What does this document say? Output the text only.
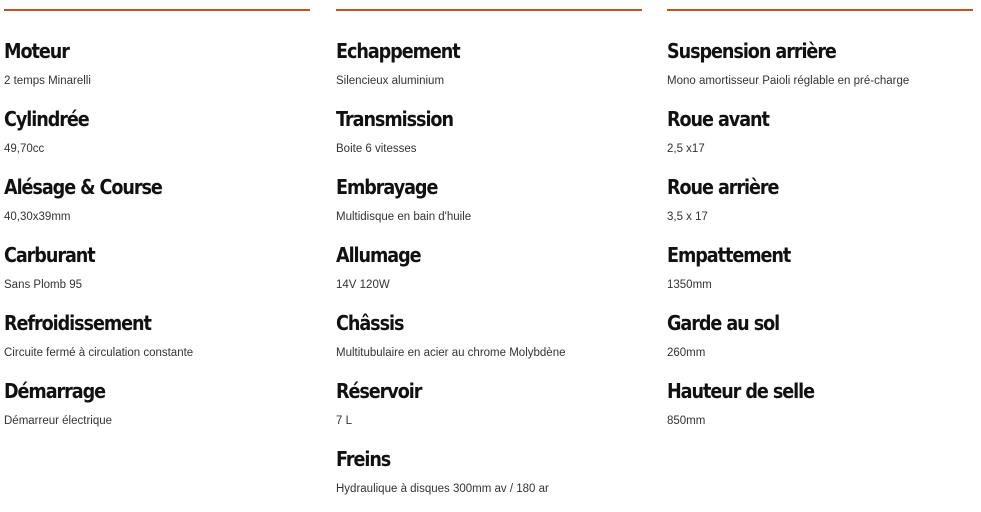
Moteur
2 temps Minarelli
Cylindrée
49,70cc
Alésage & Course
40,30x39mm
Carburant
Sans Plomb 95
Refroidissement
Circuite fermé à circulation constante
Démarrage
Démarreur électrique
Echappement
Silencieux aluminium
Transmission
Boite 6 vitesses
Embrayage
Multidisque en bain d'huile
Allumage
14V 120W
Châssis
Multitubulaire en acier au chrome Molybdène
Réservoir
7 L
Freins
Hydraulique à disques 300mm av / 180 ar
Suspension arrière
Mono amortisseur Paioli réglable en pré-charge
Roue avant
2,5 x17
Roue arrière
3,5 x 17
Empattement
1350mm
Garde au sol
260mm
Hauteur de selle
850mm
